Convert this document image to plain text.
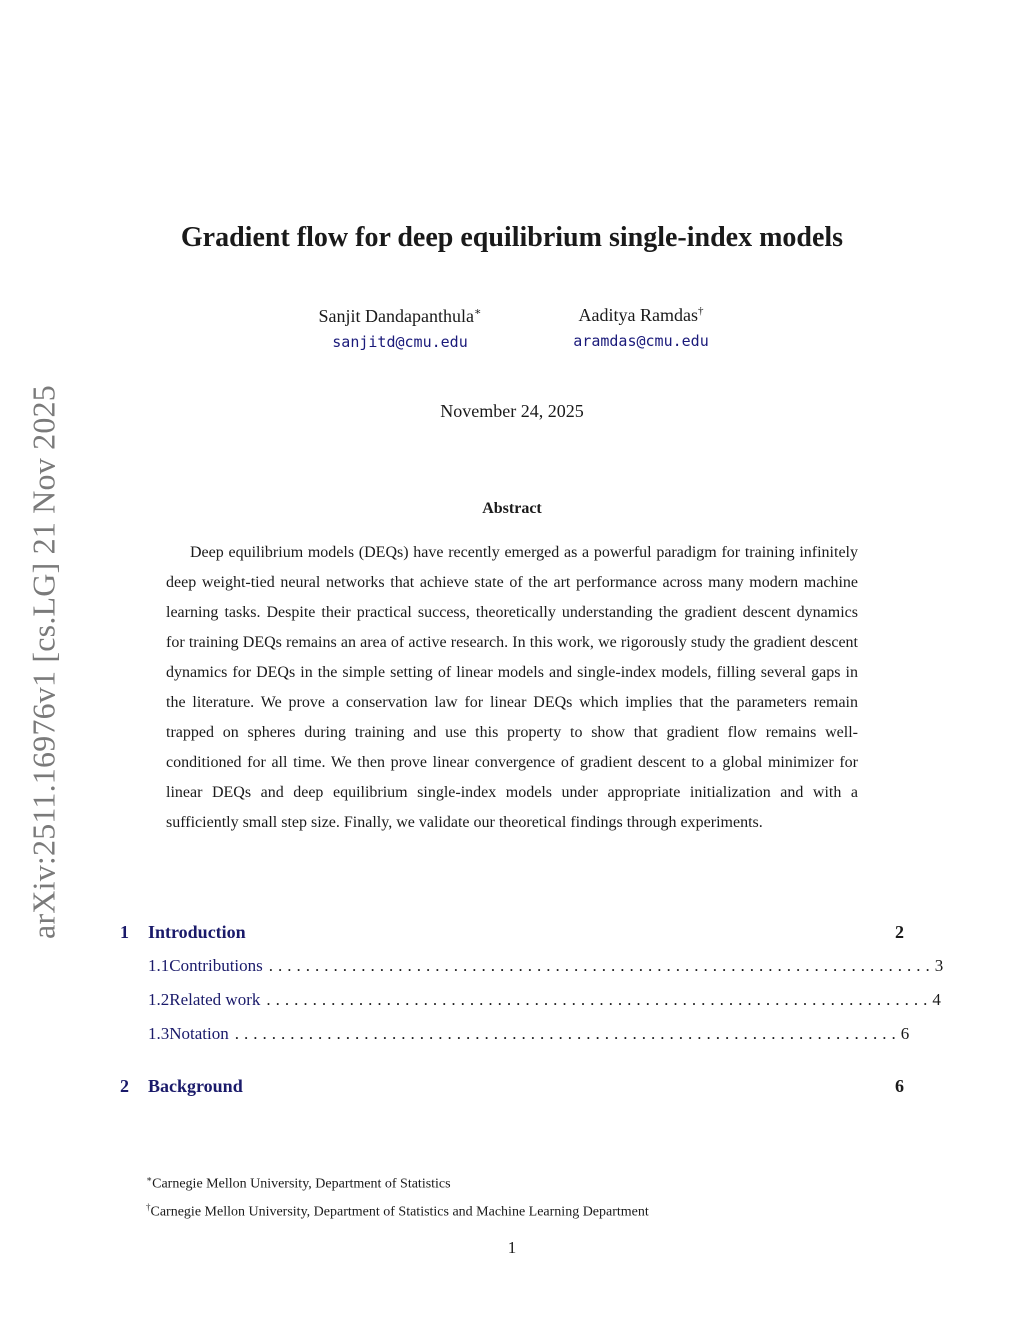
arXiv:2511.16976v1 [cs.LG] 21 Nov 2025
Gradient flow for deep equilibrium single-index models
Sanjit Dandapanthula∗
sanjitd@cmu.edu
Aaditya Ramdas†
aramdas@cmu.edu
November 24, 2025
Abstract

Deep equilibrium models (DEQs) have recently emerged as a powerful paradigm for training infinitely deep weight-tied neural networks that achieve state of the art performance across many modern machine learning tasks. Despite their practical success, theoretically understanding the gradient descent dynamics for training DEQs remains an area of active research. In this work, we rigorously study the gradient descent dynamics for DEQs in the simple setting of linear models and single-index models, filling several gaps in the literature. We prove a conservation law for linear DEQs which implies that the parameters remain trapped on spheres during training and use this property to show that gradient flow remains well-conditioned for all time. We then prove linear convergence of gradient descent to a global minimizer for linear DEQs and deep equilibrium single-index models under appropriate initialization and with a sufficiently small step size. Finally, we validate our theoretical findings through experiments.

1	Introduction	2
1.1 Contributions ........................................................................ 3
1.2 Related work ........................................................................ 4
1.3 Notation ........................................................................ 6
2	Background	6
∗Carnegie Mellon University, Department of Statistics
†Carnegie Mellon University, Department of Statistics and Machine Learning Department
1
